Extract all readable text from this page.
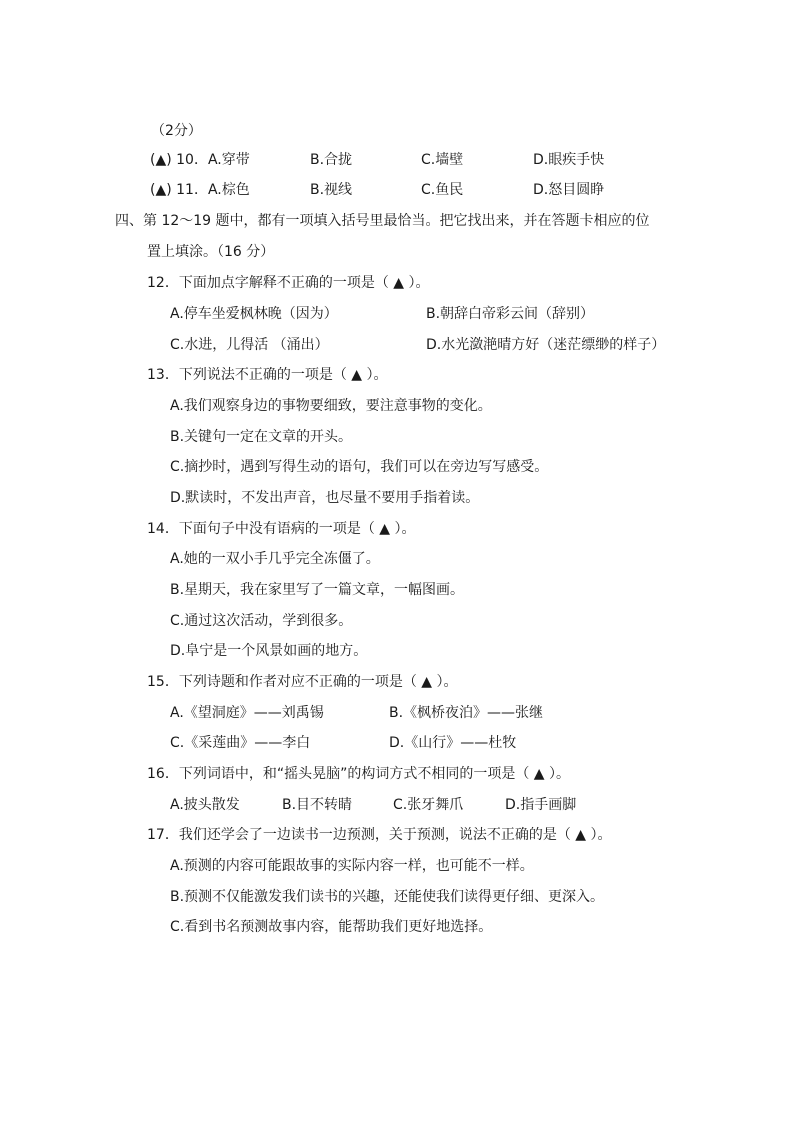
（2分）
(▲) 10．A.穿带	B.合拢	C.墙壁	D.眼疾手快
(▲) 11．A.棕色	B.视线	C.鱼民	D.怒目圆睁
四、第 12～19 题中，都有一项填入括号里最恰当。把它找出来，并在答题卡相应的位
置上填涂。（16 分）
12．下面加点字解释不正确的一项是（ ▲ ）。
A.停车坐爱枫林晚（因为）	B.朝辞白帝彩云间（辞别）
C.水进，儿得活 （涌出）	D.水光潋滟晴方好（迷茫缥缈的样子）
13．下列说法不正确的一项是（ ▲ ）。
A.我们观察身边的事物要细致，要注意事物的变化。
B.关键句一定在文章的开头。
C.摘抄时，遇到写得生动的语句，我们可以在旁边写写感受。
D.默读时，不发出声音，也尽量不要用手指着读。
14．下面句子中没有语病的一项是（ ▲ ）。
A.她的一双小手几乎完全冻僵了。
B.星期天，我在家里写了一篇文章，一幅图画。
C.通过这次活动，学到很多。
D.阜宁是一个风景如画的地方。
15．下列诗题和作者对应不正确的一项是（ ▲ ）。
A.《望洞庭》——刘禹锡	B.《枫桥夜泊》——张继
C.《采莲曲》——李白	D.《山行》——杜牧
16．下列词语中，和“摇头晃脑”的构词方式不相同的一项是（ ▲ ）。
A.披头散发	B.目不转睛	C.张牙舞爪	D.指手画脚
17．我们还学会了一边读书一边预测，关于预测，说法不正确的是（ ▲ ）。
A.预测的内容可能跟故事的实际内容一样，也可能不一样。
B.预测不仅能激发我们读书的兴趣，还能使我们读得更仔细、更深入。
C.看到书名预测故事内容，能帮助我们更好地选择。
